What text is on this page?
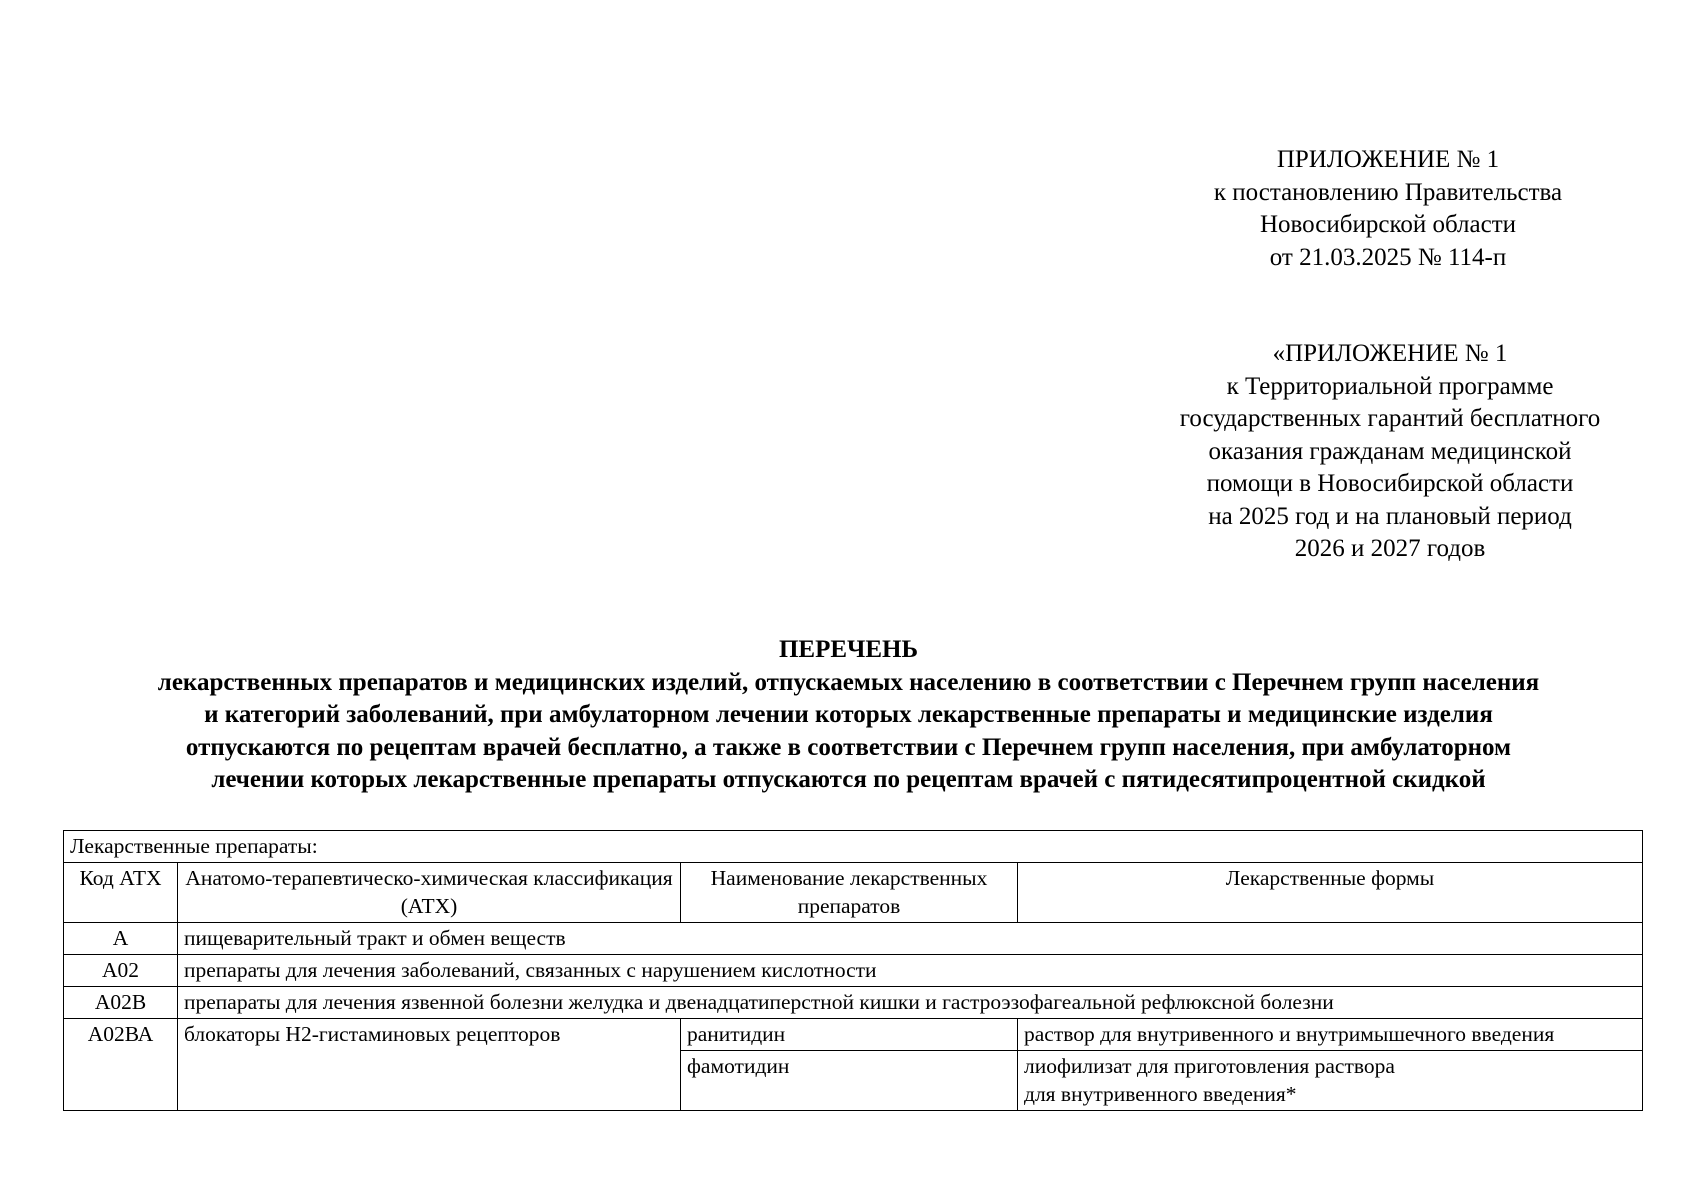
ПРИЛОЖЕНИЕ № 1
к постановлению Правительства
Новосибирской области
от 21.03.2025 № 114-п
«ПРИЛОЖЕНИЕ № 1
к Территориальной программе
государственных гарантий бесплатного
оказания гражданам медицинской
помощи в Новосибирской области
на 2025 год и на плановый период
2026 и 2027 годов
ПЕРЕЧЕНЬ
лекарственных препаратов и медицинских изделий, отпускаемых населению в соответствии с Перечнем групп населения
и категорий заболеваний, при амбулаторном лечении которых лекарственные препараты и медицинские изделия
отпускаются по рецептам врачей бесплатно, а также в соответствии с Перечнем групп населения, при амбулаторном
лечении которых лекарственные препараты отпускаются по рецептам врачей с пятидесятипроцентной скидкой
Лекарственные препараты:			
Код АТХ	Анатомо-терапевтическо-химическая классификация (АТХ)	Наименование лекарственных препаратов	Лекарственные формы
А	пищеварительный тракт и обмен веществ		
А02	препараты для лечения заболеваний, связанных с нарушением кислотности		
А02В	препараты для лечения язвенной болезни желудка и двенадцатиперстной кишки и гастроэзофагеальной рефлюксной болезни		
А02ВА	блокаторы Н2-гистаминовых рецепторов	ранитидин	раствор для внутривенного и внутримышечного введения
		фамотидин	лиофилизат для приготовления раствора
для внутривенного введения*
